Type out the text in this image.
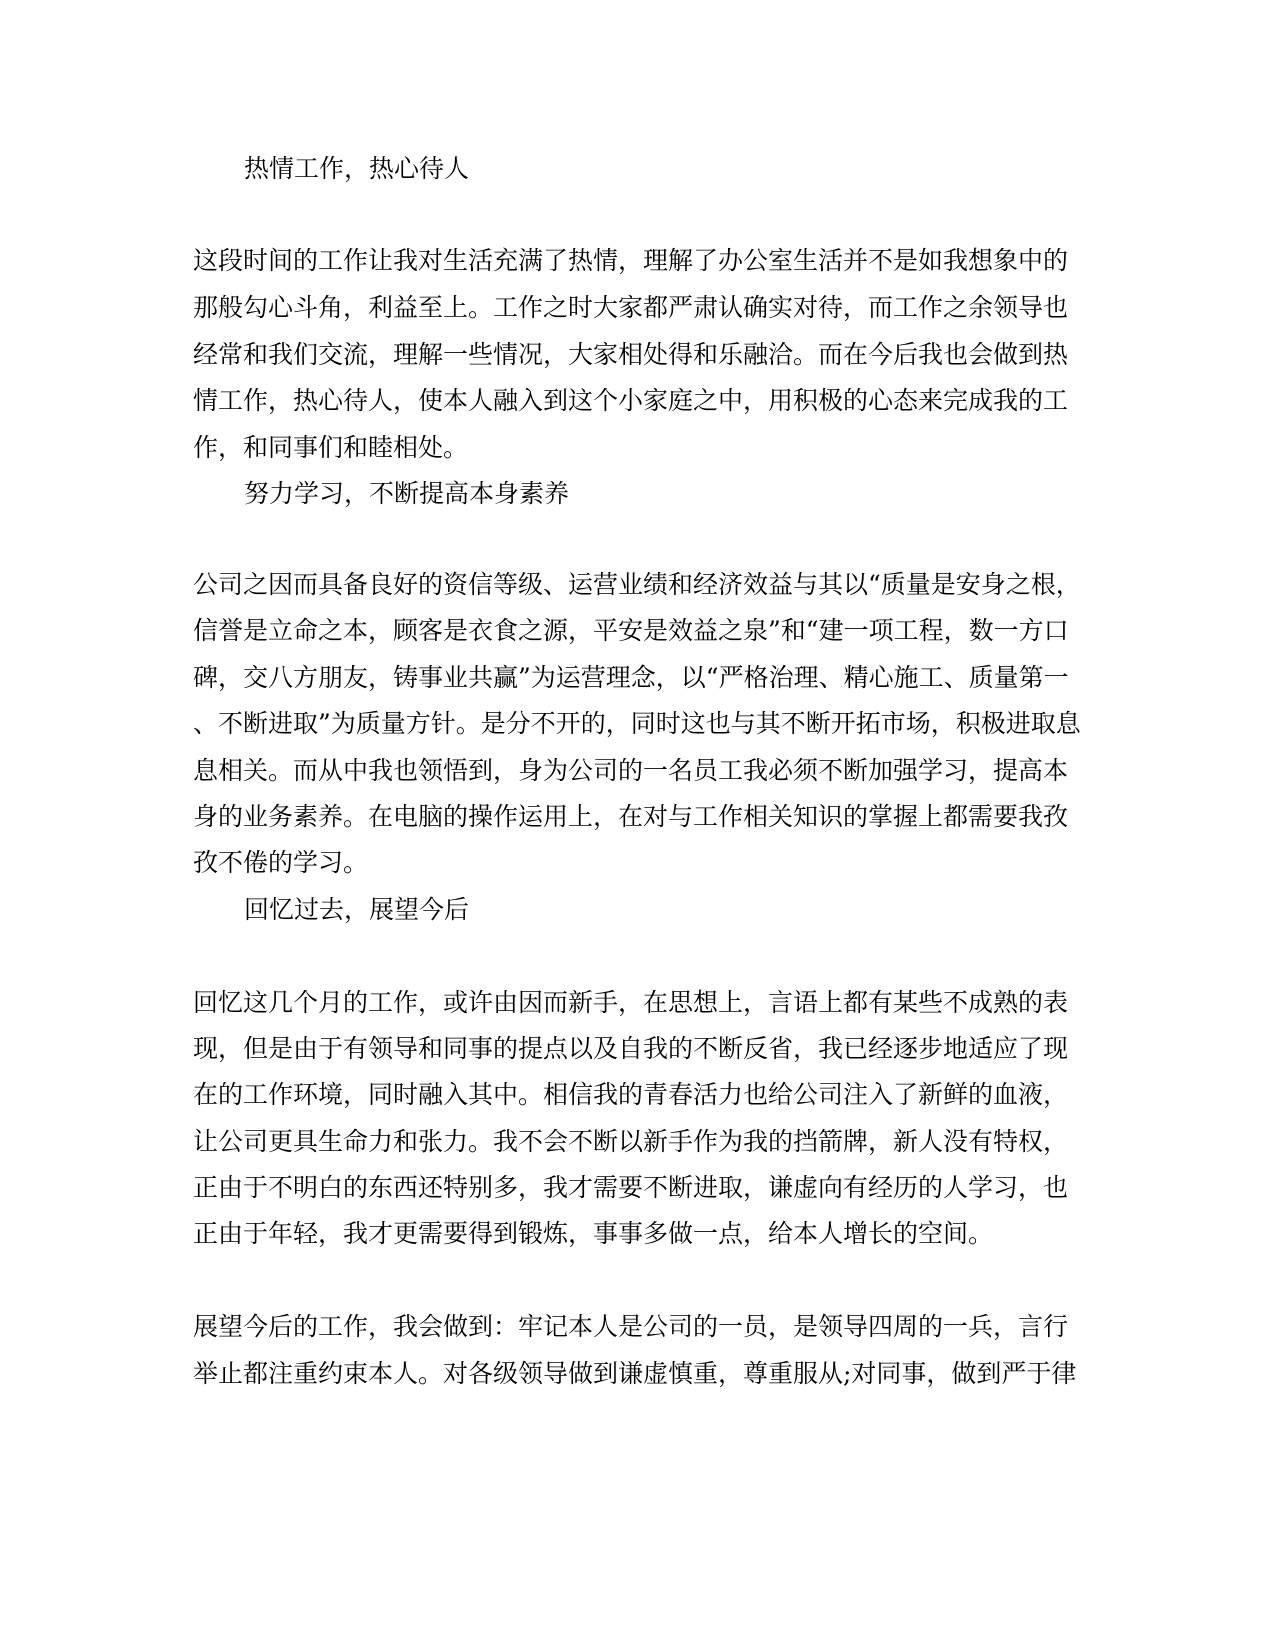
热情工作，热心待人
这段时间的工作让我对生活充满了热情，理解了办公室生活并不是如我想象中的
那般勾心斗角，利益至上。工作之时大家都严肃认确实对待，而工作之余领导也
经常和我们交流，理解一些情况，大家相处得和乐融洽。而在今后我也会做到热
情工作，热心待人，使本人融入到这个小家庭之中，用积极的心态来完成我的工
作，和同事们和睦相处。
努力学习，不断提高本身素养
公司之因而具备良好的资信等级、运营业绩和经济效益与其以“质量是安身之根，
信誉是立命之本，顾客是衣食之源，平安是效益之泉”和“建一项工程，数一方口
碑，交八方朋友，铸事业共赢”为运营理念，以“严格治理、精心施工、质量第一
、不断进取”为质量方针。是分不开的，同时这也与其不断开拓市场，积极进取息
息相关。而从中我也领悟到，身为公司的一名员工我必须不断加强学习，提高本
身的业务素养。在电脑的操作运用上，在对与工作相关知识的掌握上都需要我孜
孜不倦的学习。
回忆过去，展望今后
回忆这几个月的工作，或许由因而新手，在思想上，言语上都有某些不成熟的表
现，但是由于有领导和同事的提点以及自我的不断反省，我已经逐步地适应了现
在的工作环境，同时融入其中。相信我的青春活力也给公司注入了新鲜的血液，
让公司更具生命力和张力。我不会不断以新手作为我的挡箭牌，新人没有特权，
正由于不明白的东西还特别多，我才需要不断进取，谦虚向有经历的人学习，也
正由于年轻，我才更需要得到锻炼，事事多做一点，给本人增长的空间。
展望今后的工作，我会做到：牢记本人是公司的一员，是领导四周的一兵，言行
举止都注重约束本人。对各级领导做到谦虚慎重，尊重服从;对同事，做到严于律
